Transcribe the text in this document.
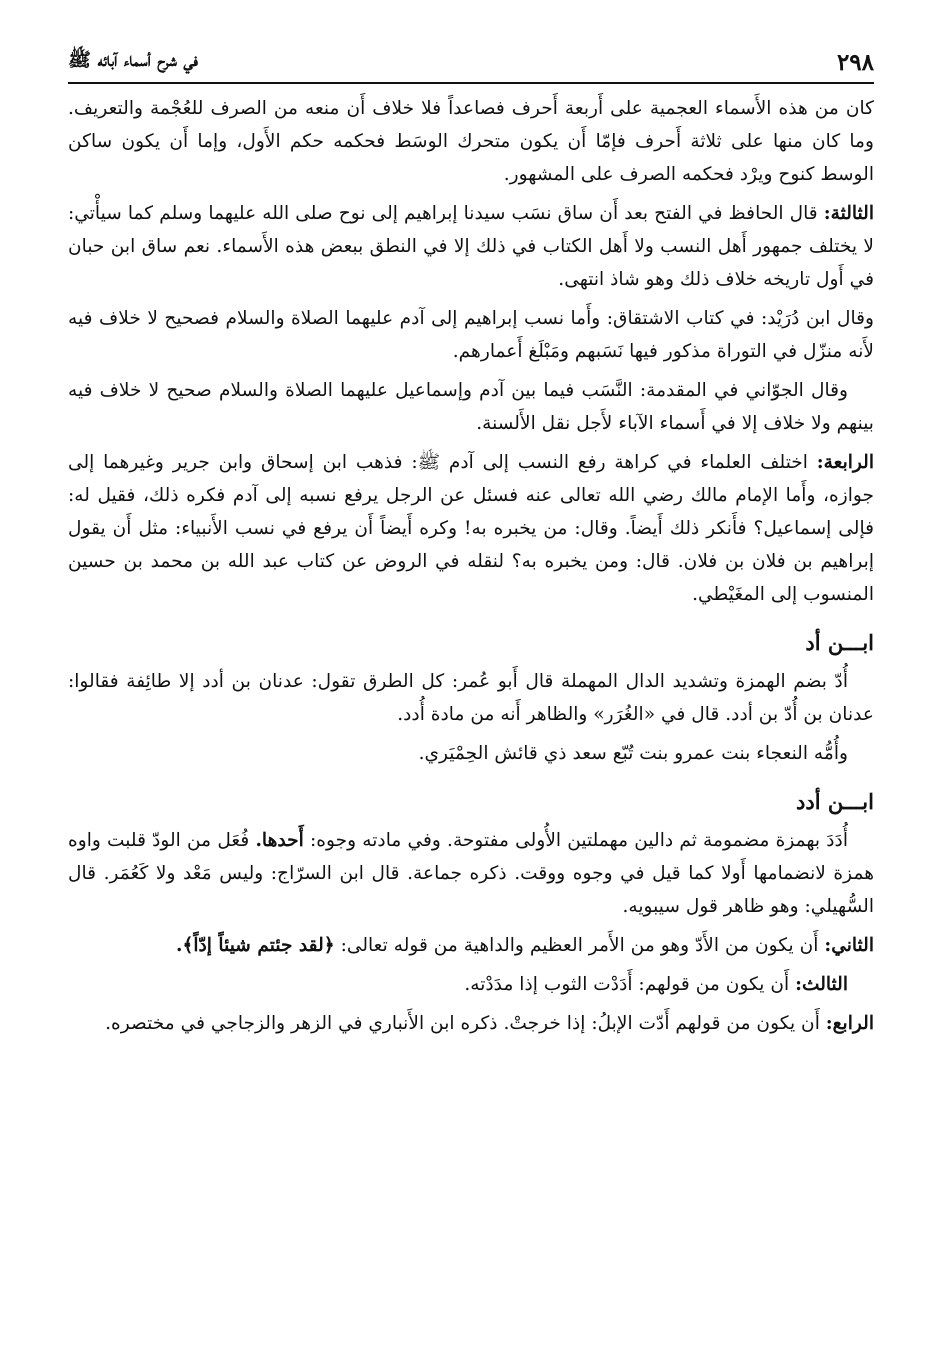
٢٩٨
في شرح أسماء آبائه ﷺ

كان من هذه الأَسماء العجمية على أَربعة أَحرف فصاعداً فلا خلاف أَن منعه من الصرف للعُجْمة والتعريف. وما كان منها على ثلاثة أَحرف فإمّا أَن يكون متحرك الوسَط فحكمه حكم الأَول، وإما أَن يكون ساكن الوسط كنوح ويرْد فحكمه الصرف على المشهور.

الثالثة: قال الحافظ في الفتح بعد أَن ساق نسَب سيدنا إبراهيم إلى نوح صلى الله عليهما وسلم كما سيأْتي: لا يختلف جمهور أَهل النسب ولا أَهل الكتاب في ذلك إلا في النطق ببعض هذه الأَسماء. نعم ساق ابن حبان في أَول تاريخه خلاف ذلك وهو شاذ انتهى.

وقال ابن دُرَيْد: في كتاب الاشتقاق: وأَما نسب إبراهيم إلى آدم عليهما الصلاة والسلام فصحيح لا خلاف فيه لأَنه منزّل في التوراة مذكور فيها نَسَبهم ومَبْلَغ أَعمارهم.

وقال الجوّاني في المقدمة: النَّسَب فيما بين آدم وإسماعيل عليهما الصلاة والسلام صحيح لا خلاف فيه بينهم ولا خلاف إلا في أَسماء الآباء لأَجل نقل الأَلسنة.

الرابعة: اختلف العلماء في كراهة رفع النسب إلى آدم ﷺ: فذهب ابن إسحاق وابن جرير وغيرهما إلى جوازه، وأَما الإمام مالك رضي الله تعالى عنه فسئل عن الرجل يرفع نسبه إلى آدم فكره ذلك، فقيل له: فإلى إسماعيل؟ فأَنكر ذلك أَيضاً. وقال: من يخبره به! وكره أَيضاً أَن يرفع في نسب الأَنبياء: مثل أَن يقول إبراهيم بن فلان بن فلان. قال: ومن يخبره به؟ لنقله في الروض عن كتاب عبد الله بن محمد بن حسين المنسوب إلى المغَيْطي.

ابـــن أد

أُدّ بضم الهمزة وتشديد الدال المهملة قال أَبو عُمر: كل الطرق تقول: عدنان بن أدد إلا طائِفة فقالوا: عدنان بن أُدّ بن أدد. قال في «الغُرَر» والظاهر أَنه من مادة أُدد.

وأُمُّه النعجاء بنت عمرو بنت تُبّع سعد ذي قائش الحِمْيَري.

ابـــن أدد

أُدَدَ بهمزة مضمومة ثم دالين مهملتين الأُولى مفتوحة. وفي مادته وجوه: أَحدها. فُعَل من الودّ قلبت واوه همزة لانضمامها أَولا كما قيل في وجوه ووقت. ذكره جماعة. قال ابن السرّاج: وليس مَعْد ولا كَعُمَر. قال السُّهيلي: وهو ظاهر قول سيبويه.

الثاني: أَن يكون من الأَدّ وهو من الأَمر العظيم والداهية من قوله تعالى: ﴿لقد جئتم شيئاً إدّاً﴾.

الثالث: أَن يكون من قولهم: أَدَدْت الثوب إذا مدَدْته.

الرابع: أَن يكون من قولهم أَدّت الإبلُ: إذا خرجتْ. ذكره ابن الأَنباري في الزهر والزجاجي في مختصره.
